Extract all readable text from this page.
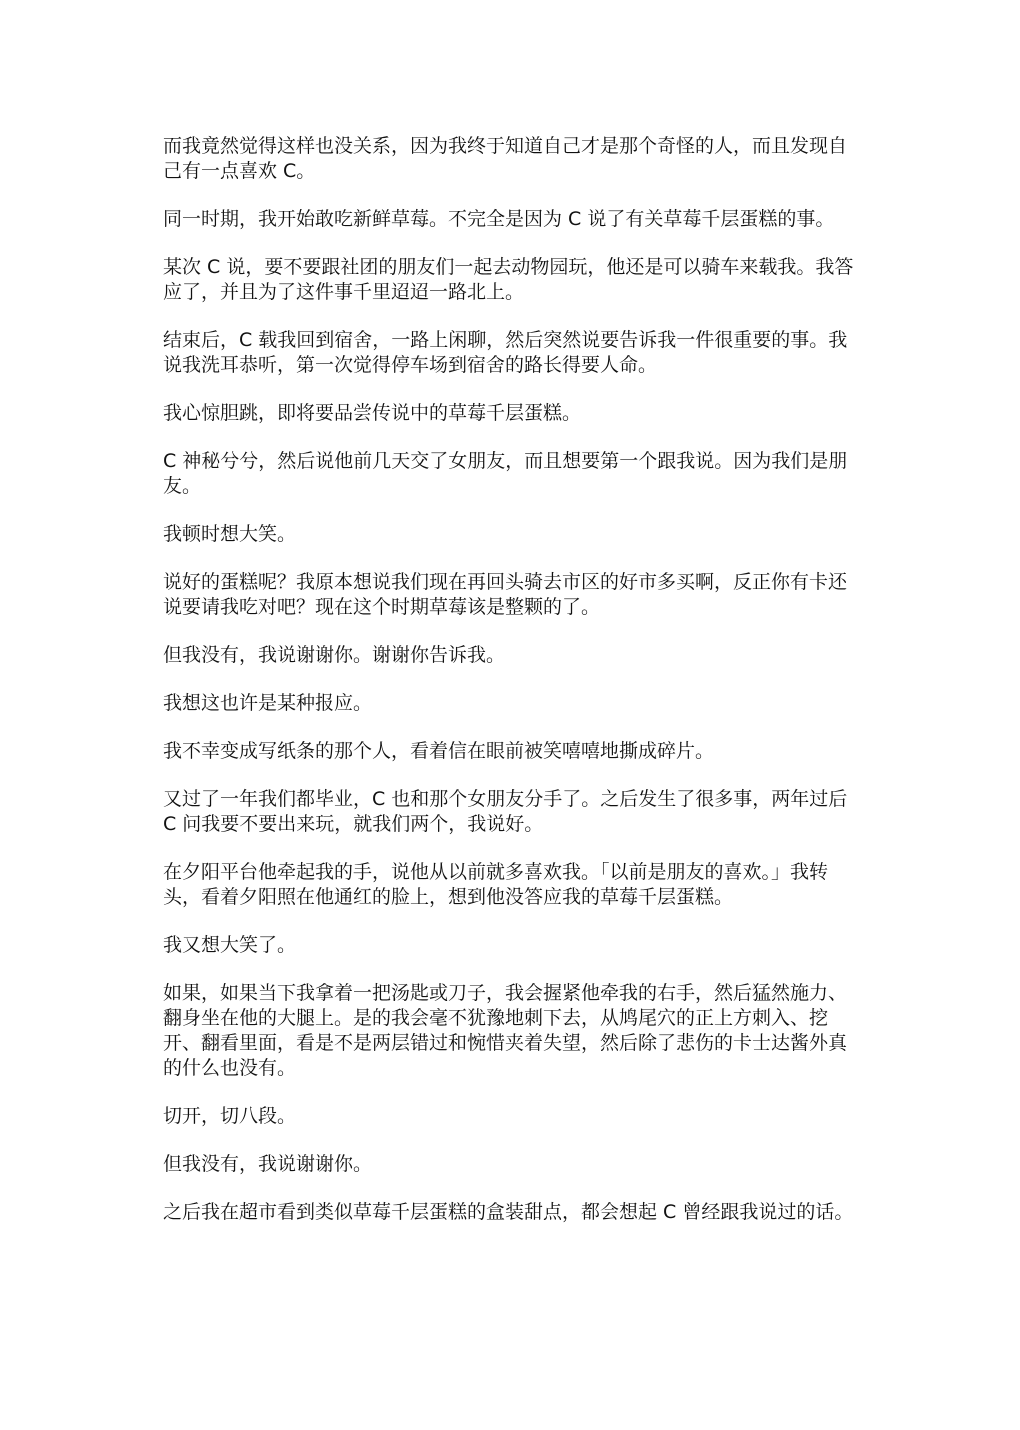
而我竟然觉得这样也没关系，因为我终于知道自己才是那个奇怪的人，而且发现自己有一点喜欢 C。

同一时期，我开始敢吃新鲜草莓。不完全是因为 C 说了有关草莓千层蛋糕的事。

某次 C 说，要不要跟社团的朋友们一起去动物园玩，他还是可以骑车来载我。我答应了，并且为了这件事千里迢迢一路北上。

结束后，C 载我回到宿舍，一路上闲聊，然后突然说要告诉我一件很重要的事。我说我洗耳恭听，第一次觉得停车场到宿舍的路长得要人命。

我心惊胆跳，即将要品尝传说中的草莓千层蛋糕。

C 神秘兮兮，然后说他前几天交了女朋友，而且想要第一个跟我说。因为我们是朋友。

我顿时想大笑。

说好的蛋糕呢？我原本想说我们现在再回头骑去市区的好市多买啊，反正你有卡还说要请我吃对吧？现在这个时期草莓该是整颗的了。

但我没有，我说谢谢你。谢谢你告诉我。

我想这也许是某种报应。

我不幸变成写纸条的那个人，看着信在眼前被笑嘻嘻地撕成碎片。

又过了一年我们都毕业，C 也和那个女朋友分手了。之后发生了很多事，两年过后 C 问我要不要出来玩，就我们两个，我说好。

在夕阳平台他牵起我的手，说他从以前就多喜欢我。「以前是朋友的喜欢。」我转头，看着夕阳照在他通红的脸上，想到他没答应我的草莓千层蛋糕。

我又想大笑了。

如果，如果当下我拿着一把汤匙或刀子，我会握紧他牵我的右手，然后猛然施力、翻身坐在他的大腿上。是的我会毫不犹豫地刺下去，从鸠尾穴的正上方刺入、挖开、翻看里面，看是不是两层错过和惋惜夹着失望，然后除了悲伤的卡士达酱外真的什么也没有。

切开，切八段。

但我没有，我说谢谢你。

之后我在超市看到类似草莓千层蛋糕的盒装甜点，都会想起 C 曾经跟我说过的话。
